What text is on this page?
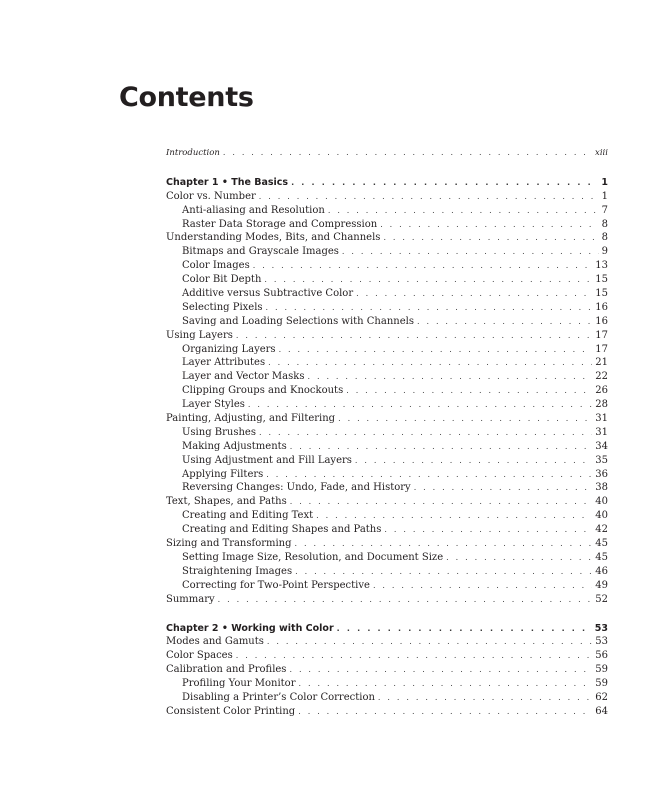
Contents
Introduction . . .	xiii
Chapter 1 • The Basics . . .	1
Color vs. Number . . .	1
Anti-aliasing and Resolution . . .	7
Raster Data Storage and Compression . . .	8
Understanding Modes, Bits, and Channels . . .	8
Bitmaps and Grayscale Images . . .	9
Color Images . . .	13
Color Bit Depth . . .	15
Additive versus Subtractive Color . . .	15
Selecting Pixels . . .	16
Saving and Loading Selections with Channels . . .	16
Using Layers . . .	17
Organizing Layers . . .	17
Layer Attributes . . .	21
Layer and Vector Masks . . .	22
Clipping Groups and Knockouts . . .	26
Layer Styles . . .	28
Painting, Adjusting, and Filtering . . .	31
Using Brushes . . .	31
Making Adjustments . . .	34
Using Adjustment and Fill Layers . . .	35
Applying Filters . . .	36
Reversing Changes: Undo, Fade, and History . . .	38
Text, Shapes, and Paths . . .	40
Creating and Editing Text . . .	40
Creating and Editing Shapes and Paths . . .	42
Sizing and Transforming . . .	45
Setting Image Size, Resolution, and Document Size . . .	45
Straightening Images . . .	46
Correcting for Two-Point Perspective . . .	49
Summary . . .	52
Chapter 2 • Working with Color . . .	53
Modes and Gamuts . . .	53
Color Spaces . . .	56
Calibration and Profiles . . .	59
Profiling Your Monitor . . .	59
Disabling a Printer’s Color Correction . . .	62
Consistent Color Printing . . .	64
